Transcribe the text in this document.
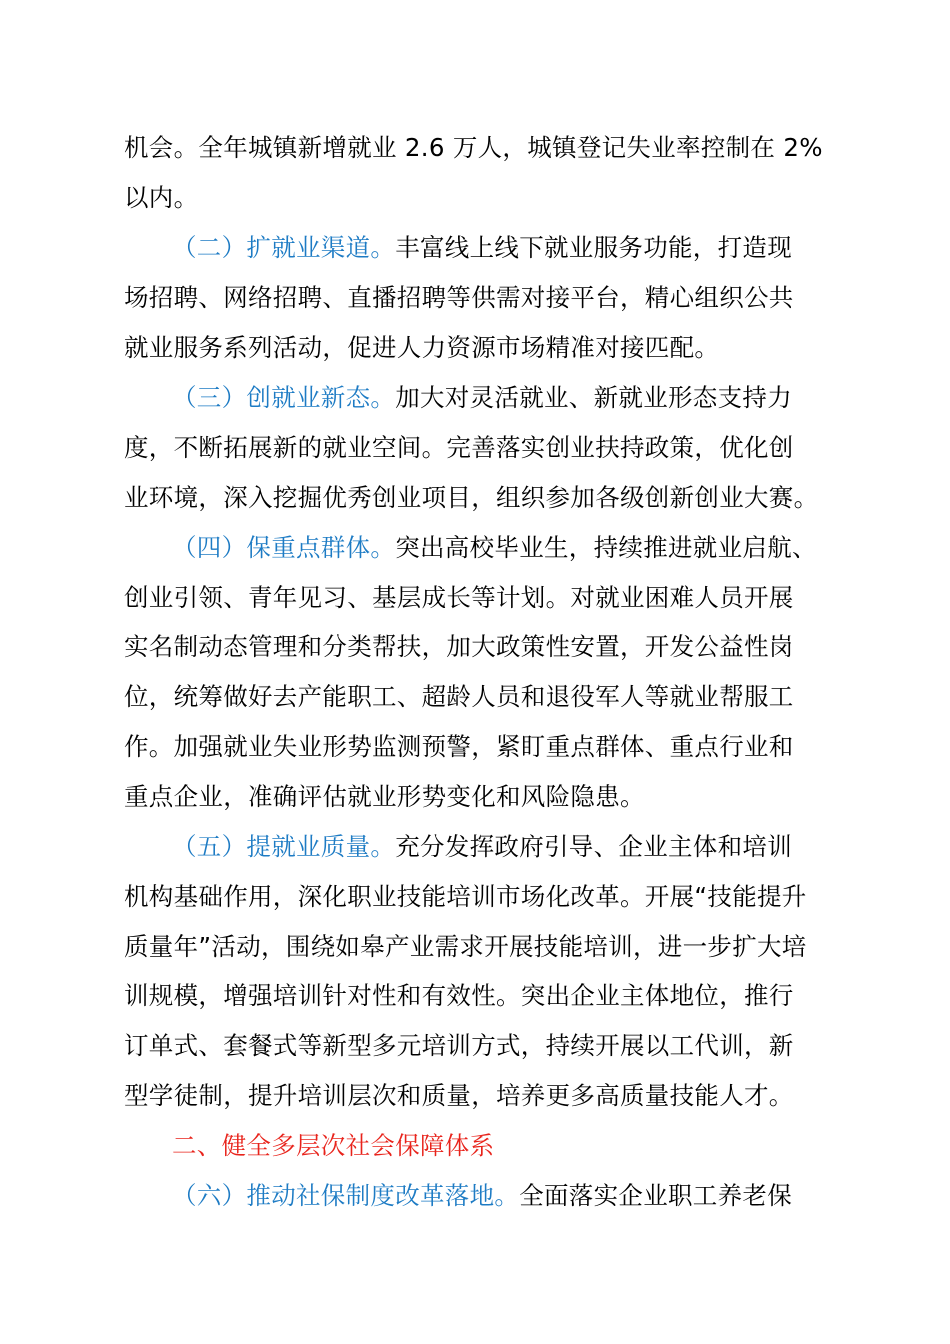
机会。全年城镇新增就业 2.6 万人，城镇登记失业率控制在 2%
以内。
（二）扩就业渠道。丰富线上线下就业服务功能，打造现
场招聘、网络招聘、直播招聘等供需对接平台，精心组织公共
就业服务系列活动，促进人力资源市场精准对接匹配。
（三）创就业新态。加大对灵活就业、新就业形态支持力
度，不断拓展新的就业空间。完善落实创业扶持政策，优化创
业环境，深入挖掘优秀创业项目，组织参加各级创新创业大赛。
（四）保重点群体。突出高校毕业生，持续推进就业启航、
创业引领、青年见习、基层成长等计划。对就业困难人员开展
实名制动态管理和分类帮扶，加大政策性安置，开发公益性岗
位，统筹做好去产能职工、超龄人员和退役军人等就业帮服工
作。加强就业失业形势监测预警，紧盯重点群体、重点行业和
重点企业，准确评估就业形势变化和风险隐患。
（五）提就业质量。充分发挥政府引导、企业主体和培训
机构基础作用，深化职业技能培训市场化改革。开展“技能提升
质量年”活动，围绕如皋产业需求开展技能培训，进一步扩大培
训规模，增强培训针对性和有效性。突出企业主体地位，推行
订单式、套餐式等新型多元培训方式，持续开展以工代训，新
型学徒制，提升培训层次和质量，培养更多高质量技能人才。
二、健全多层次社会保障体系
（六）推动社保制度改革落地。全面落实企业职工养老保
